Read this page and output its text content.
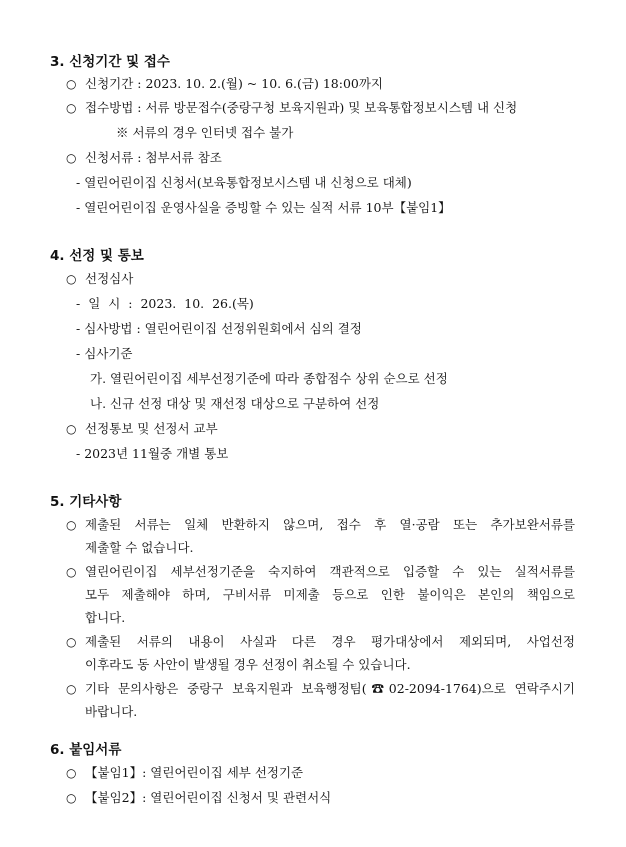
3. 신청기간 및 접수
○ 신청기간 : 2023. 10. 2.(월) ~ 10. 6.(금) 18:00까지
○ 접수방법 : 서류 방문접수(중랑구청 보육지원과) 및 보육통합정보시스템 내 신청
※ 서류의 경우 인터넷 접수 불가
○ 신청서류 : 첨부서류 참조
- 열린어린이집 신청서(보육통합정보시스템 내 신청으로 대체)
- 열린어린이집 운영사실을 증빙할 수 있는 실적 서류 10부【붙임1】
4. 선정 및 통보
○ 선정심사
- 일 시 : 2023. 10. 26.(목)
- 심사방법 : 열린어린이집 선정위원회에서 심의 결정
- 심사기준
가. 열린어린이집 세부선정기준에 따라 종합점수 상위 순으로 선정
나. 신규 선정 대상 및 재선정 대상으로 구분하여 선정
○ 선정통보 및 선정서 교부
- 2023년 11월중 개별 통보
5. 기타사항
○ 제출된 서류는 일체 반환하지 않으며, 접수 후 열·공람 또는 추가보완서류를
제출할 수 없습니다.
○ 열린어린이집 세부선정기준을 숙지하여 객관적으로 입증할 수 있는 실적서류를
모두 제출해야 하며, 구비서류 미제출 등으로 인한 불이익은 본인의 책임으로
합니다.
○ 제출된 서류의 내용이 사실과 다른 경우 평가대상에서 제외되며, 사업선정
이후라도 동 사안이 발생될 경우 선정이 취소될 수 있습니다.
○ 기타 문의사항은 중랑구 보육지원과 보육행정팀(☎02-2094-1764)으로 연락주시기
바랍니다.
6. 붙임서류
○ 【붙임1】: 열린어린이집 세부 선정기준
○ 【붙임2】: 열린어린이집 신청서 및 관련서식
